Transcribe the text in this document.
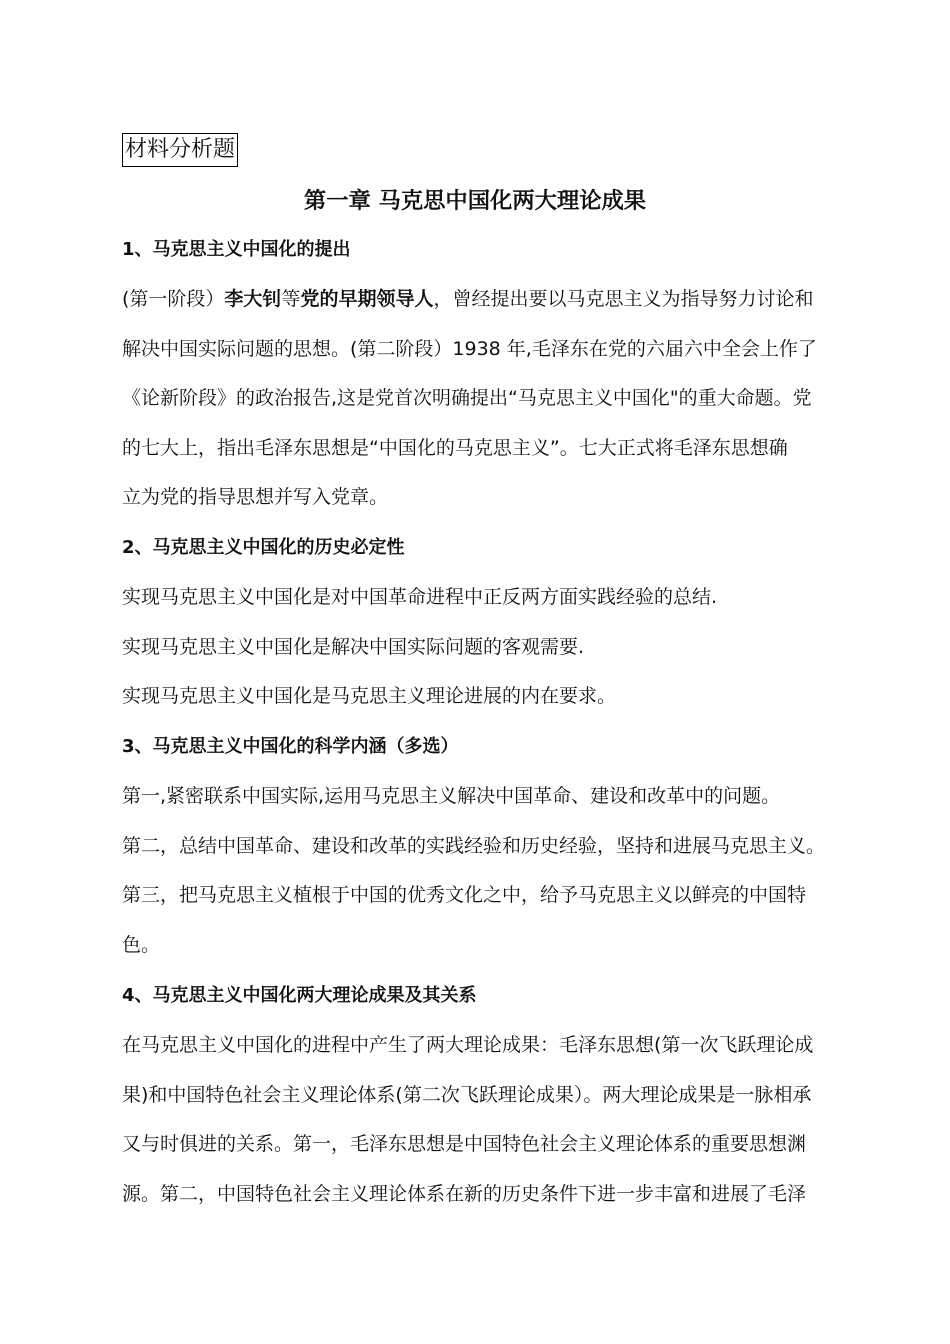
材料分析题
第一章 马克思中国化两大理论成果
1、马克思主义中国化的提出
(第一阶段）李大钊等党的早期领导人，曾经提出要以马克思主义为指导努力讨论和
解决中国实际问题的思想。(第二阶段）1938 年,毛泽东在党的六届六中全会上作了
《论新阶段》的政治报告,这是党首次明确提出“马克思主义中国化"的重大命题。党
的七大上，指出毛泽东思想是“中国化的马克思主义”。七大正式将毛泽东思想确
立为党的指导思想并写入党章。
2、马克思主义中国化的历史必定性
实现马克思主义中国化是对中国革命进程中正反两方面实践经验的总结.
实现马克思主义中国化是解决中国实际问题的客观需要.
实现马克思主义中国化是马克思主义理论进展的内在要求。
3、马克思主义中国化的科学内涵（多选）
第一,紧密联系中国实际,运用马克思主义解决中国革命、建设和改革中的问题。
第二，总结中国革命、建设和改革的实践经验和历史经验，坚持和进展马克思主义。
第三，把马克思主义植根于中国的优秀文化之中，给予马克思主义以鲜亮的中国特
色。
4、马克思主义中国化两大理论成果及其关系
在马克思主义中国化的进程中产生了两大理论成果：毛泽东思想(第一次飞跃理论成
果)和中国特色社会主义理论体系(第二次飞跃理论成果）。两大理论成果是一脉相承
又与时俱进的关系。第一，毛泽东思想是中国特色社会主义理论体系的重要思想渊
源。第二，中国特色社会主义理论体系在新的历史条件下进一步丰富和进展了毛泽
